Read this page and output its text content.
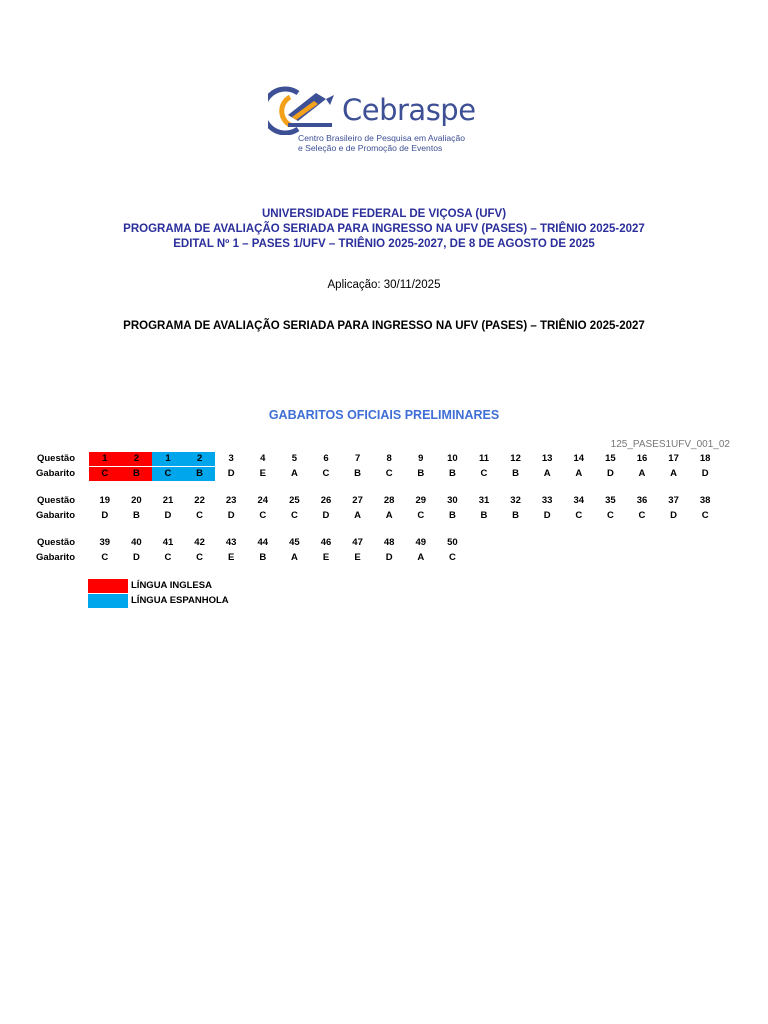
Cebraspe
Centro Brasileiro de Pesquisa em Avaliação
e Seleção e de Promoção de Eventos
UNIVERSIDADE FEDERAL DE VIÇOSA (UFV)
PROGRAMA DE AVALIAÇÃO SERIADA PARA INGRESSO NA UFV (PASES) – TRIÊNIO 2025-2027
EDITAL Nº 1 – PASES 1/UFV – TRIÊNIO 2025-2027, DE 8 DE AGOSTO DE 2025
Aplicação: 30/11/2025
PROGRAMA DE AVALIAÇÃO SERIADA PARA INGRESSO NA UFV (PASES) – TRIÊNIO 2025-2027
GABARITOS OFICIAIS PRELIMINARES
125_PASES1UFV_001_02
Questão	1	2	1	2	3	4	5	6	7	8	9	10	11	12	13	14	15	16	17	18
Gabarito	C	B	C	B	D	E	A	C	B	C	B	B	C	B	A	A	D	A	A	D
Questão	19	20	21	22	23	24	25	26	27	28	29	30	31	32	33	34	35	36	37	38
Gabarito	D	B	D	C	D	C	C	D	A	A	C	B	B	B	D	C	C	C	D	C
Questão	39	40	41	42	43	44	45	46	47	48	49	50
Gabarito	C	D	C	C	E	B	A	E	E	D	A	C
LÍNGUA INGLESA
LÍNGUA ESPANHOLA
